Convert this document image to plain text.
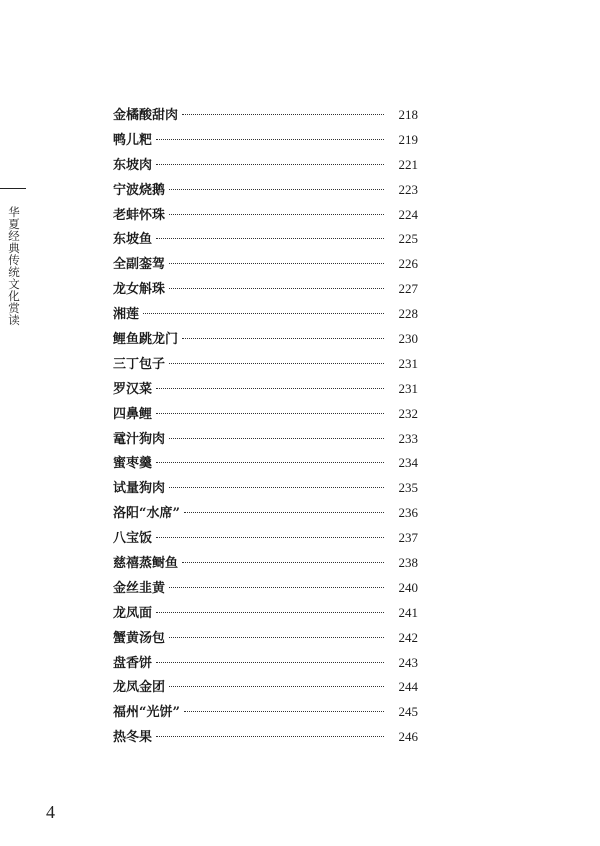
华夏经典传统文化赏读
金橘酸甜肉	218
鸭儿粑	219
东坡肉	221
宁波烧鹅	223
老蚌怀珠	224
东坡鱼	225
全副銮驾	226
龙女斛珠	227
湘莲	228
鲤鱼跳龙门	230
三丁包子	231
罗汉菜	231
四鼻鲤	232
鼋汁狗肉	233
蜜枣羹	234
试量狗肉	235
洛阳“水席”	236
八宝饭	237
慈禧蒸鲥鱼	238
金丝韭黄	240
龙凤面	241
蟹黄汤包	242
盘香饼	243
龙凤金团	244
福州“光饼”	245
热冬果	246
4
